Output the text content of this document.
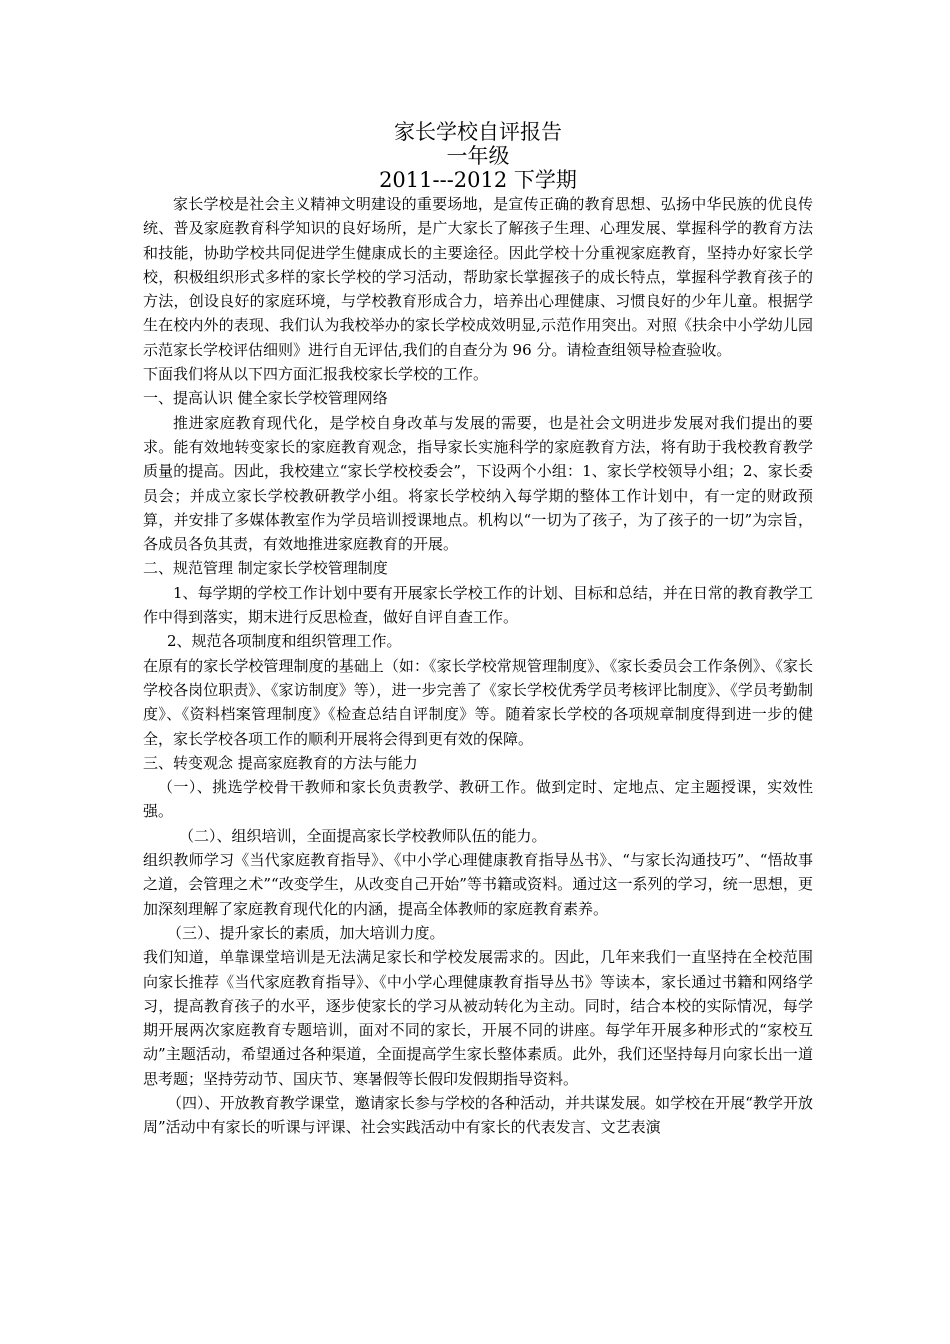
家长学校自评报告
一年级
2011---2012 下学期

家长学校是社会主义精神文明建设的重要场地，是宣传正确的教育思想、弘扬中华民族的优良传统、普及家庭教育科学知识的良好场所，是广大家长了解孩子生理、心理发展、掌握科学的教育方法和技能，协助学校共同促进学生健康成长的主要途径。因此学校十分重视家庭教育，坚持办好家长学校，积极组织形式多样的家长学校的学习活动，帮助家长掌握孩子的成长特点，掌握科学教育孩子的方法，创设良好的家庭环境，与学校教育形成合力，培养出心理健康、习惯良好的少年儿童。根据学生在校内外的表现、我们认为我校举办的家长学校成效明显,示范作用突出。对照《扶余中小学幼儿园示范家长学校评估细则》进行自无评估,我们的自查分为 96 分。请检查组领导检查验收。

下面我们将从以下四方面汇报我校家长学校的工作。

一、提高认识 健全家长学校管理网络

推进家庭教育现代化，是学校自身改革与发展的需要，也是社会文明进步发展对我们提出的要求。能有效地转变家长的家庭教育观念，指导家长实施科学的家庭教育方法，将有助于我校教育教学质量的提高。因此，我校建立“家长学校校委会”，下设两个小组：1、家长学校领导小组；2、家长委员会；并成立家长学校教研教学小组。将家长学校纳入每学期的整体工作计划中，有一定的财政预算，并安排了多媒体教室作为学员培训授课地点。机构以“一切为了孩子，为了孩子的一切”为宗旨，各成员各负其责，有效地推进家庭教育的开展。

二、规范管理 制定家长学校管理制度

1、每学期的学校工作计划中要有开展家长学校工作的计划、目标和总结，并在日常的教育教学工作中得到落实，期末进行反思检查，做好自评自查工作。

2、规范各项制度和组织管理工作。

在原有的家长学校管理制度的基础上（如：《家长学校常规管理制度》、《家长委员会工作条例》、《家长学校各岗位职责》、《家访制度》等），进一步完善了《家长学校优秀学员考核评比制度》、《学员考勤制度》、《资料档案管理制度》《检查总结自评制度》等。随着家长学校的各项规章制度得到进一步的健全，家长学校各项工作的顺利开展将会得到更有效的保障。

三、转变观念 提高家庭教育的方法与能力

（一）、挑选学校骨干教师和家长负责教学、教研工作。做到定时、定地点、定主题授课，实效性强。

（二）、组织培训，全面提高家长学校教师队伍的能力。

组织教师学习《当代家庭教育指导》、《中小学心理健康教育指导丛书》、“与家长沟通技巧”、“悟故事之道，会管理之术”“改变学生，从改变自己开始”等书籍或资料。通过这一系列的学习，统一思想，更加深刻理解了家庭教育现代化的内涵，提高全体教师的家庭教育素养。

（三）、提升家长的素质，加大培训力度。

我们知道，单靠课堂培训是无法满足家长和学校发展需求的。因此，几年来我们一直坚持在全校范围向家长推荐《当代家庭教育指导》、《中小学心理健康教育指导丛书》等读本，家长通过书籍和网络学习，提高教育孩子的水平，逐步使家长的学习从被动转化为主动。同时，结合本校的实际情况，每学期开展两次家庭教育专题培训，面对不同的家长，开展不同的讲座。每学年开展多种形式的“家校互动”主题活动，希望通过各种渠道，全面提高学生家长整体素质。此外，我们还坚持每月向家长出一道思考题；坚持劳动节、国庆节、寒暑假等长假印发假期指导资料。

（四）、开放教育教学课堂，邀请家长参与学校的各种活动，并共谋发展。如学校在开展“教学开放周”活动中有家长的听课与评课、社会实践活动中有家长的代表发言、文艺表演
